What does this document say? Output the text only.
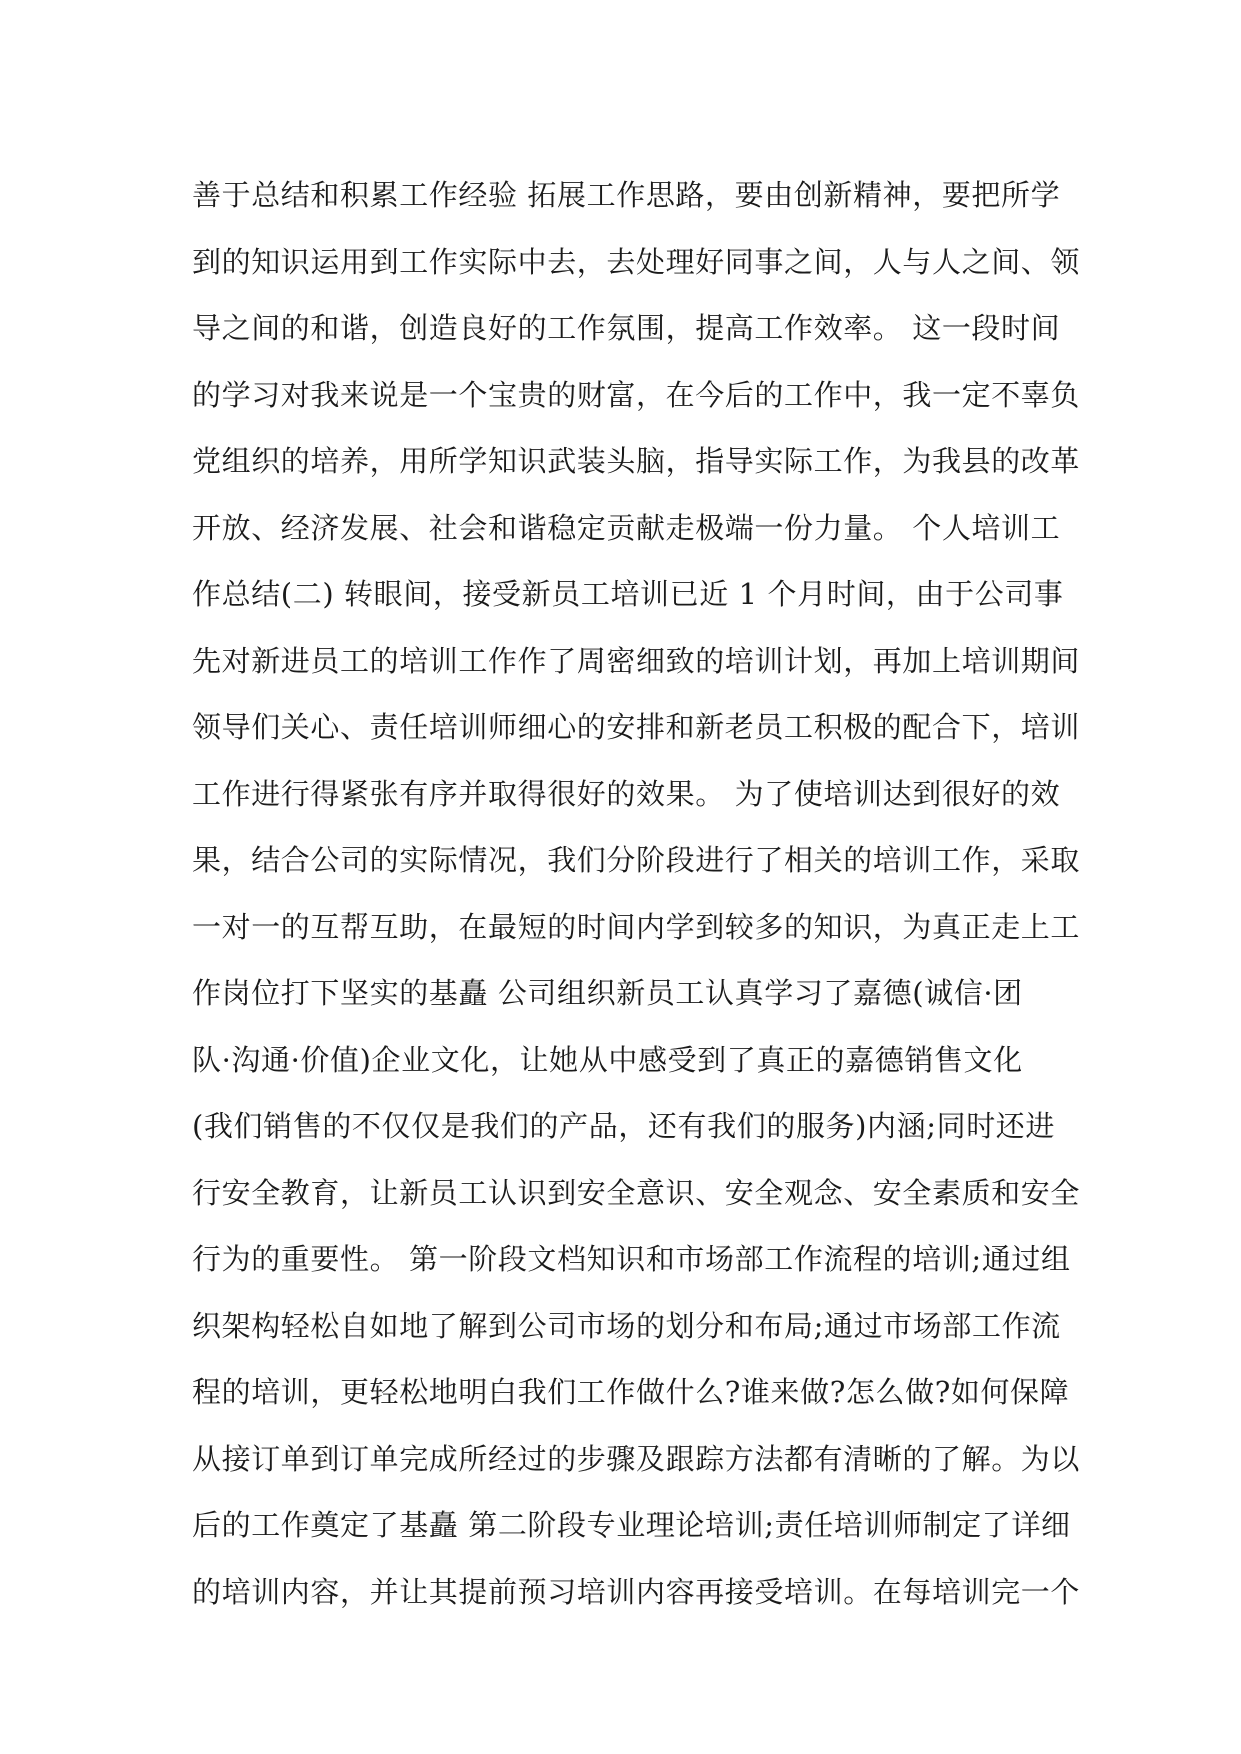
善于总结和积累工作经验 拓展工作思路，要由创新精神，要把所学
到的知识运用到工作实际中去，去处理好同事之间，人与人之间、领
导之间的和谐，创造良好的工作氛围，提高工作效率。 这一段时间
的学习对我来说是一个宝贵的财富，在今后的工作中，我一定不辜负
党组织的培养，用所学知识武装头脑，指导实际工作，为我县的改革
开放、经济发展、社会和谐稳定贡献走极端一份力量。 个人培训工
作总结(二) 转眼间，接受新员工培训已近 1 个月时间，由于公司事
先对新进员工的培训工作作了周密细致的培训计划，再加上培训期间
领导们关心、责任培训师细心的安排和新老员工积极的配合下，培训
工作进行得紧张有序并取得很好的效果。 为了使培训达到很好的效
果，结合公司的实际情况，我们分阶段进行了相关的培训工作，采取
一对一的互帮互助，在最短的时间内学到较多的知识，为真正走上工
作岗位打下坚实的基矗 公司组织新员工认真学习了嘉德(诚信·团
队·沟通·价值)企业文化，让她从中感受到了真正的嘉德销售文化
(我们销售的不仅仅是我们的产品，还有我们的服务)内涵;同时还进
行安全教育，让新员工认识到安全意识、安全观念、安全素质和安全
行为的重要性。 第一阶段文档知识和市场部工作流程的培训;通过组
织架构轻松自如地了解到公司市场的划分和布局;通过市场部工作流
程的培训，更轻松地明白我们工作做什么?谁来做?怎么做?如何保障
从接订单到订单完成所经过的步骤及跟踪方法都有清晰的了解。为以
后的工作奠定了基矗 第二阶段专业理论培训;责任培训师制定了详细
的培训内容，并让其提前预习培训内容再接受培训。在每培训完一个
